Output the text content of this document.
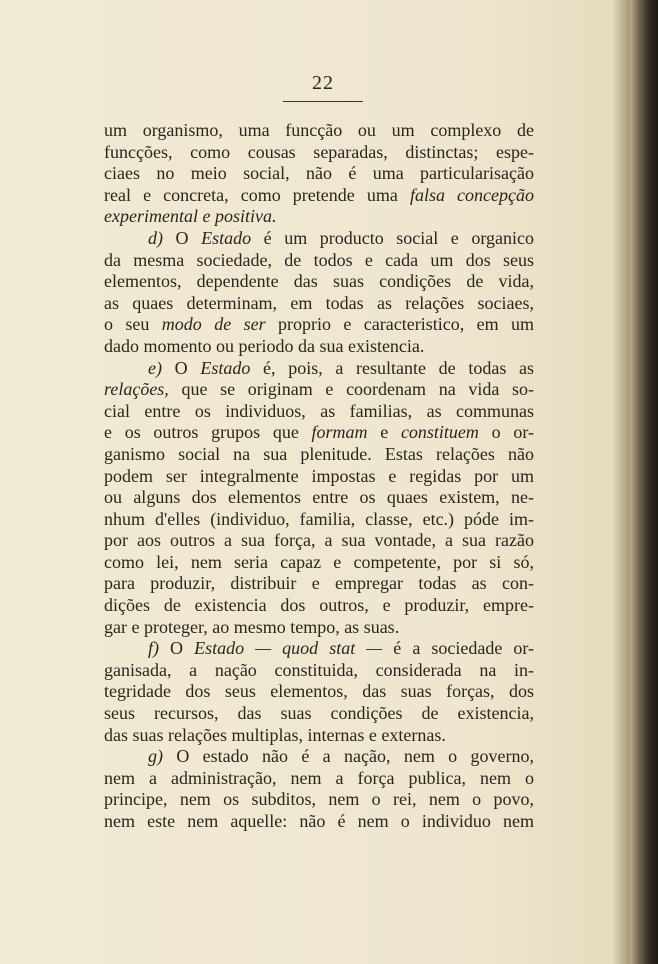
22
um organismo, uma funcção ou um complexo de
funcções, como cousas separadas, distinctas; espe-
ciaes no meio social, não é uma particularisação
real e concreta, como pretende uma falsa concepção
experimental e positiva.
d) O Estado é um producto social e organico
da mesma sociedade, de todos e cada um dos seus
elementos, dependente das suas condições de vida,
as quaes determinam, em todas as relações sociaes,
o seu modo de ser proprio e caracteristico, em um
dado momento ou periodo da sua existencia.
e) O Estado é, pois, a resultante de todas as
relações, que se originam e coordenam na vida so-
cial entre os individuos, as familias, as communas
e os outros grupos que formam e constituem o or-
ganismo social na sua plenitude. Estas relações não
podem ser integralmente impostas e regidas por um
ou alguns dos elementos entre os quaes existem, ne-
nhum d'elles (individuo, familia, classe, etc.) póde im-
por aos outros a sua força, a sua vontade, a sua razão
como lei, nem seria capaz e competente, por si só,
para produzir, distribuir e empregar todas as con-
dições de existencia dos outros, e produzir, empre-
gar e proteger, ao mesmo tempo, as suas.
f) O Estado — quod stat — é a sociedade or-
ganisada, a nação constituida, considerada na in-
tegridade dos seus elementos, das suas forças, dos
seus recursos, das suas condições de existencia,
das suas relações multiplas, internas e externas.
g) O estado não é a nação, nem o governo,
nem a administração, nem a força publica, nem o
principe, nem os subditos, nem o rei, nem o povo,
nem este nem aquelle: não é nem o individuo nem
